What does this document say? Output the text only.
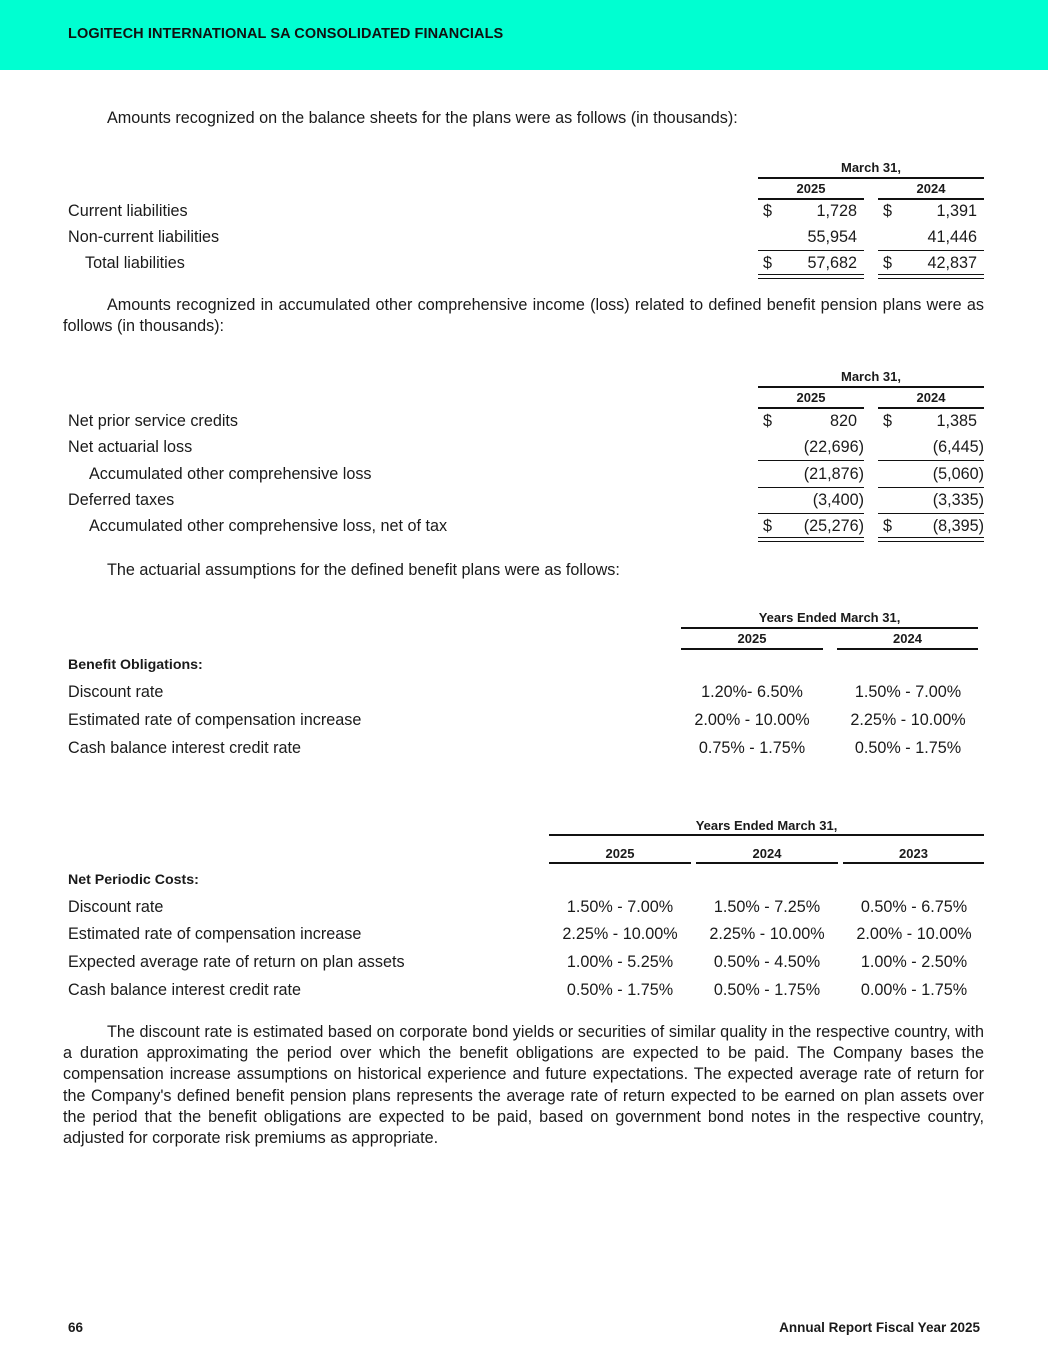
LOGITECH INTERNATIONAL SA CONSOLIDATED FINANCIALS
Amounts recognized on the balance sheets for the plans were as follows (in thousands):
March 31,
2025	2024
Current liabilities	$	1,728 $	1,391
Non-current liabilities	55,954	41,446
Total liabilities	$	57,682 $	42,837
Amounts recognized in accumulated other comprehensive income (loss) related to defined benefit pension plans were as follows (in thousands):
March 31,
2025	2024
Net prior service credits	$	820 $	1,385
Net actuarial loss	(22,696)	(6,445)
Accumulated other comprehensive loss	(21,876)	(5,060)
Deferred taxes	(3,400)	(3,335)
Accumulated other comprehensive loss, net of tax	$	(25,276) $	(8,395)
The actuarial assumptions for the defined benefit plans were as follows:
Years Ended March 31,
2025	2024
Benefit Obligations:
Discount rate	1.20%- 6.50%	1.50% - 7.00%
Estimated rate of compensation increase	2.00% - 10.00%	2.25% - 10.00%
Cash balance interest credit rate	0.75% - 1.75%	0.50% - 1.75%
Years Ended March 31,
2025	2024	2023
Net Periodic Costs:
Discount rate	1.50% - 7.00%	1.50% - 7.25%	0.50% - 6.75%
Estimated rate of compensation increase	2.25% - 10.00%	2.25% - 10.00%	2.00% - 10.00%
Expected average rate of return on plan assets	1.00% - 5.25%	0.50% - 4.50%	1.00% - 2.50%
Cash balance interest credit rate	0.50% - 1.75%	0.50% - 1.75%	0.00% - 1.75%
The discount rate is estimated based on corporate bond yields or securities of similar quality in the respective country, with a duration approximating the period over which the benefit obligations are expected to be paid. The Company bases the compensation increase assumptions on historical experience and future expectations. The expected average rate of return for the Company's defined benefit pension plans represents the average rate of return expected to be earned on plan assets over the period that the benefit obligations are expected to be paid, based on government bond notes in the respective country, adjusted for corporate risk premiums as appropriate.
66	Annual Report Fiscal Year 2025
